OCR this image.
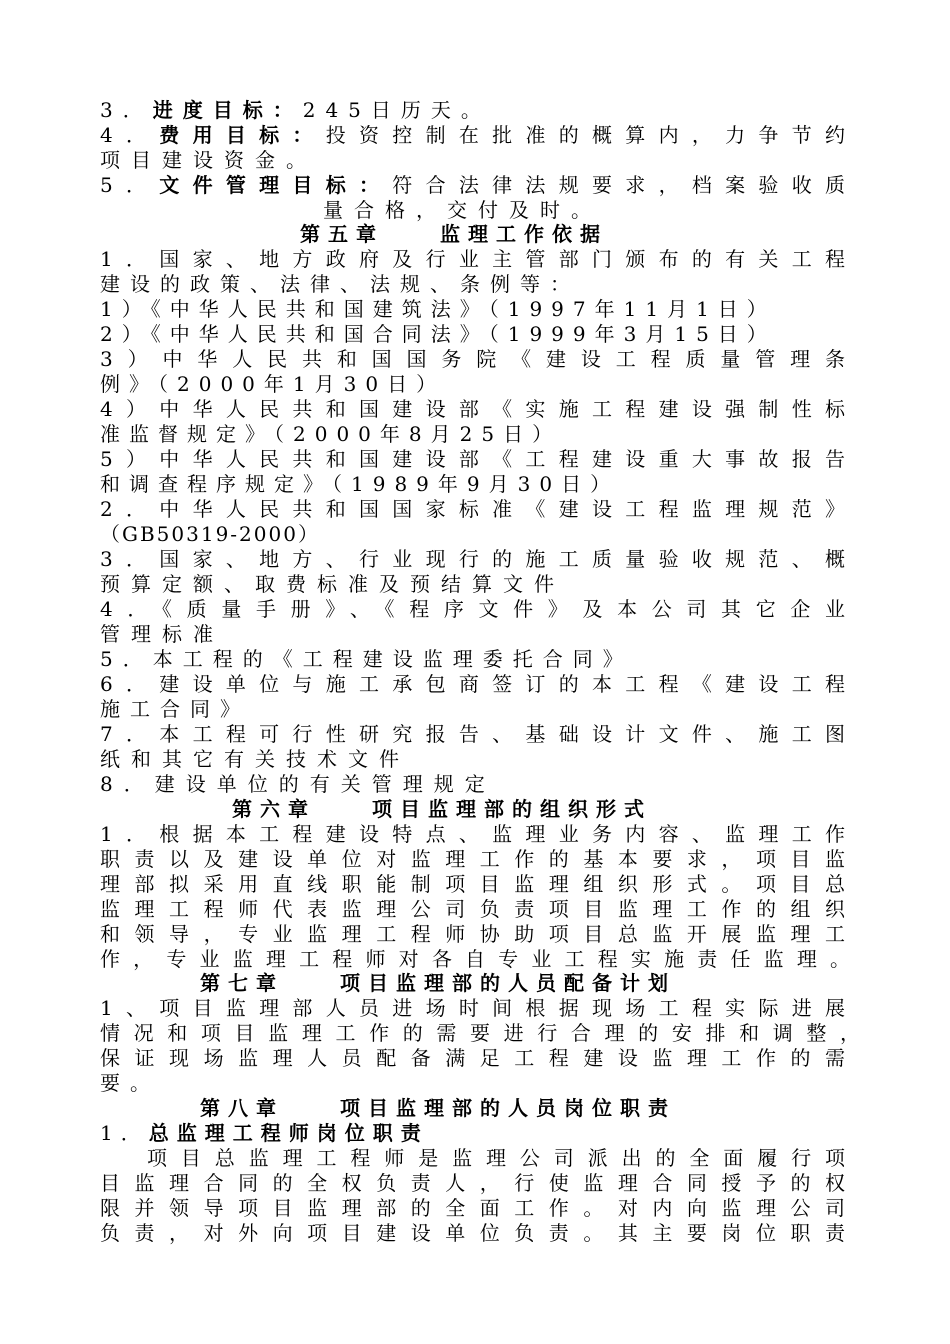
3．进度目标：245日历天。
4．费用目标：投资控制在批准的概算内，力争节约
项目建设资金。
5．文件管理目标：符合法律法规要求，档案验收质
量合格，交付及时。
第五章　　监理工作依据
1．国家、地方政府及行业主管部门颁布的有关工程
建设的政策、法律、法规、条例等：
1）《中华人民共和国建筑法》（1997年11月1日）
2）《中华人民共和国合同法》（1999年3月15日）
3）中华人民共和国国务院《建设工程质量管理条
例》（2000年1月30日）
4）中华人民共和国建设部《实施工程建设强制性标
准监督规定》（2000年8月25日）
5）中华人民共和国建设部《工程建设重大事故报告
和调查程序规定》（1989年9月30日）
2．中华人民共和国国家标准《建设工程监理规范》
（GB50319-2000）
3．国家、地方、行业现行的施工质量验收规范、概
预算定额、取费标准及预结算文件
4．《质量手册》、《程序文件》及本公司其它企业
管理标准
5．本工程的《工程建设监理委托合同》
6．建设单位与施工承包商签订的本工程《建设工程
施工合同》
7．本工程可行性研究报告、基础设计文件、施工图
纸和其它有关技术文件
8．建设单位的有关管理规定
第六章　　项目监理部的组织形式
1．根据本工程建设特点、监理业务内容、监理工作
职责以及建设单位对监理工作的基本要求，项目监
理部拟采用直线职能制项目监理组织形式。项目总
监理工程师代表监理公司负责项目监理工作的组织
和领导，专业监理工程师协助项目总监开展监理工
作，专业监理工程师对各自专业工程实施责任监理。
第七章　　项目监理部的人员配备计划
1、项目监理部人员进场时间根据现场工程实际进展
情况和项目监理工作的需要进行合理的安排和调整，
保证现场监理人员配备满足工程建设监理工作的需
要。
第八章　　项目监理部的人员岗位职责
1．总监理工程师岗位职责
项目总监理工程师是监理公司派出的全面履行项
目监理合同的全权负责人，行使监理合同授予的权
限并领导项目监理部的全面工作。对内向监理公司
负责，对外向项目建设单位负责。其主要岗位职责
